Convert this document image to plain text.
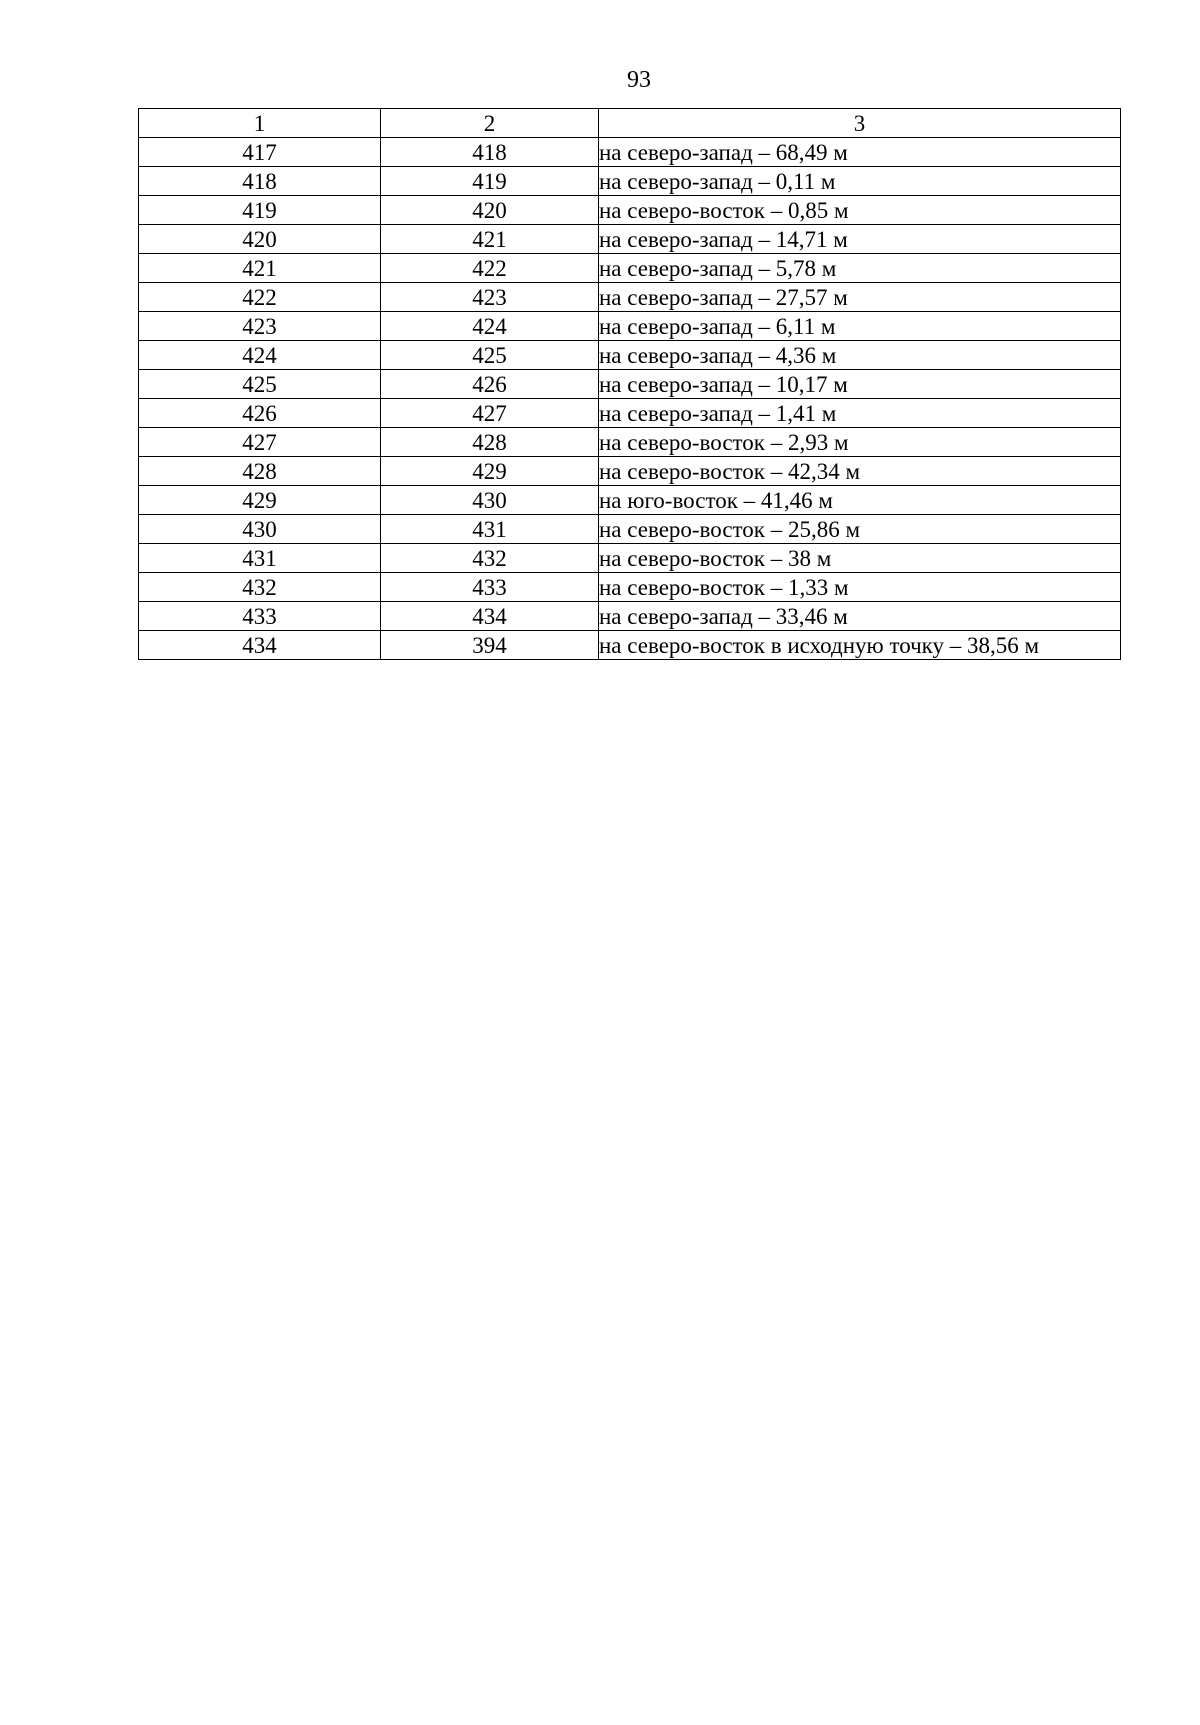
93
1	2	3
417	418	на северо-запад – 68,49 м
418	419	на северо-запад – 0,11 м
419	420	на северо-восток – 0,85 м
420	421	на северо-запад – 14,71 м
421	422	на северо-запад – 5,78 м
422	423	на северо-запад – 27,57 м
423	424	на северо-запад – 6,11 м
424	425	на северо-запад – 4,36 м
425	426	на северо-запад – 10,17 м
426	427	на северо-запад – 1,41 м
427	428	на северо-восток – 2,93 м
428	429	на северо-восток – 42,34 м
429	430	на юго-восток – 41,46 м
430	431	на северо-восток – 25,86 м
431	432	на северо-восток – 38 м
432	433	на северо-восток – 1,33 м
433	434	на северо-запад – 33,46 м
434	394	на северо-восток в исходную точку – 38,56 м
